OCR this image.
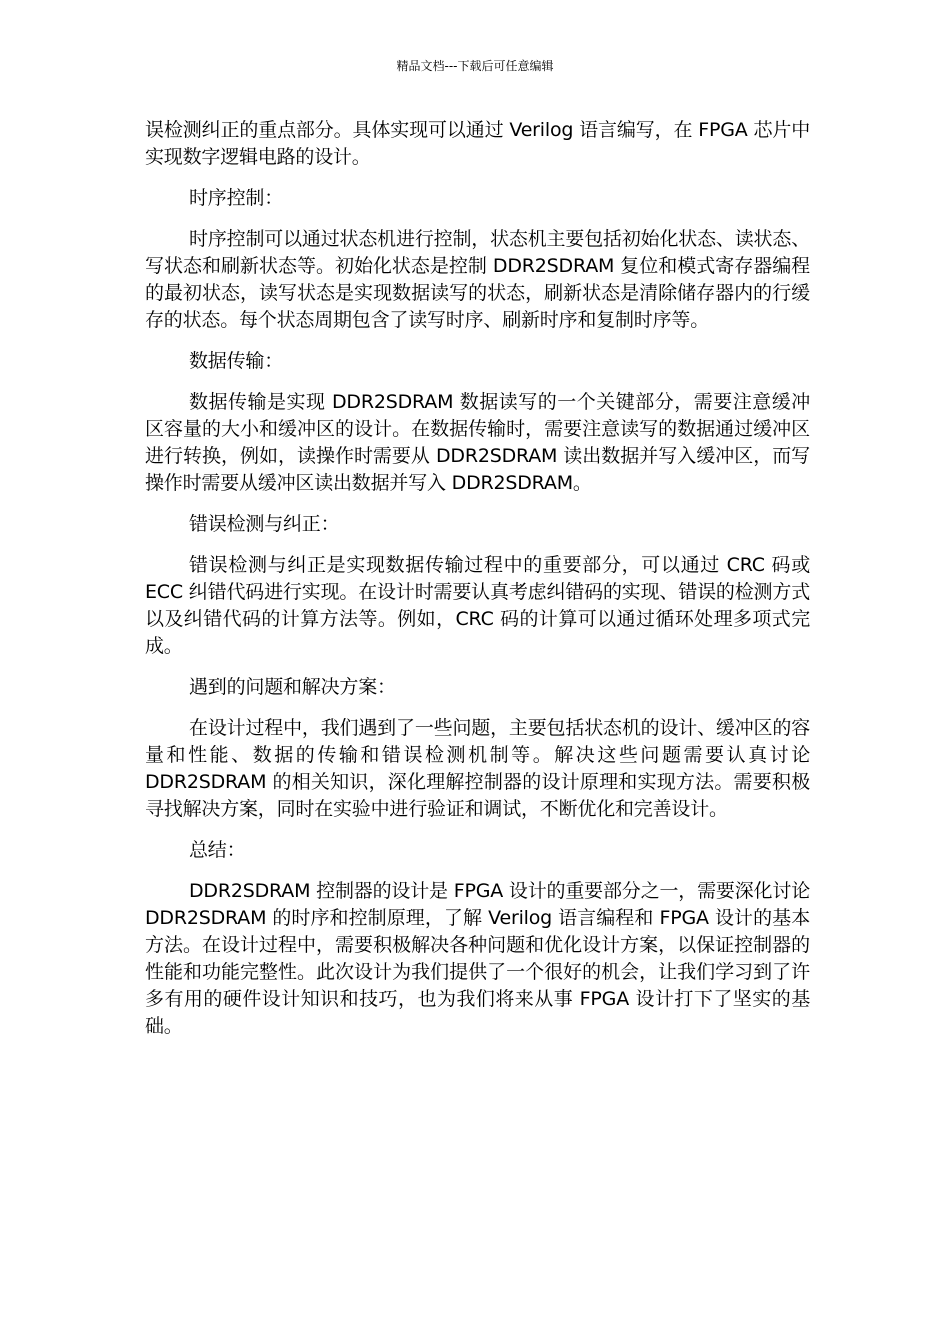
精品文档---下载后可任意编辑

误检测纠正的重点部分。具体实现可以通过 Verilog 语言编写，在 FPGA 芯片中实现数字逻辑电路的设计。

时序控制：

时序控制可以通过状态机进行控制，状态机主要包括初始化状态、读状态、写状态和刷新状态等。初始化状态是控制 DDR2SDRAM 复位和模式寄存器编程的最初状态，读写状态是实现数据读写的状态，刷新状态是清除储存器内的行缓存的状态。每个状态周期包含了读写时序、刷新时序和复制时序等。

数据传输：

数据传输是实现 DDR2SDRAM 数据读写的一个关键部分，需要注意缓冲区容量的大小和缓冲区的设计。在数据传输时，需要注意读写的数据通过缓冲区进行转换，例如，读操作时需要从 DDR2SDRAM 读出数据并写入缓冲区，而写操作时需要从缓冲区读出数据并写入 DDR2SDRAM。

错误检测与纠正：

错误检测与纠正是实现数据传输过程中的重要部分，可以通过 CRC 码或 ECC 纠错代码进行实现。在设计时需要认真考虑纠错码的实现、错误的检测方式以及纠错代码的计算方法等。例如，CRC 码的计算可以通过循环处理多项式完成。

遇到的问题和解决方案：

在设计过程中，我们遇到了一些问题，主要包括状态机的设计、缓冲区的容量和性能、数据的传输和错误检测机制等。解决这些问题需要认真讨论 DDR2SDRAM 的相关知识，深化理解控制器的设计原理和实现方法。需要积极寻找解决方案，同时在实验中进行验证和调试，不断优化和完善设计。

总结：

DDR2SDRAM 控制器的设计是 FPGA 设计的重要部分之一，需要深化讨论 DDR2SDRAM 的时序和控制原理，了解 Verilog 语言编程和 FPGA 设计的基本方法。在设计过程中，需要积极解决各种问题和优化设计方案，以保证控制器的性能和功能完整性。此次设计为我们提供了一个很好的机会，让我们学习到了许多有用的硬件设计知识和技巧，也为我们将来从事 FPGA 设计打下了坚实的基础。
